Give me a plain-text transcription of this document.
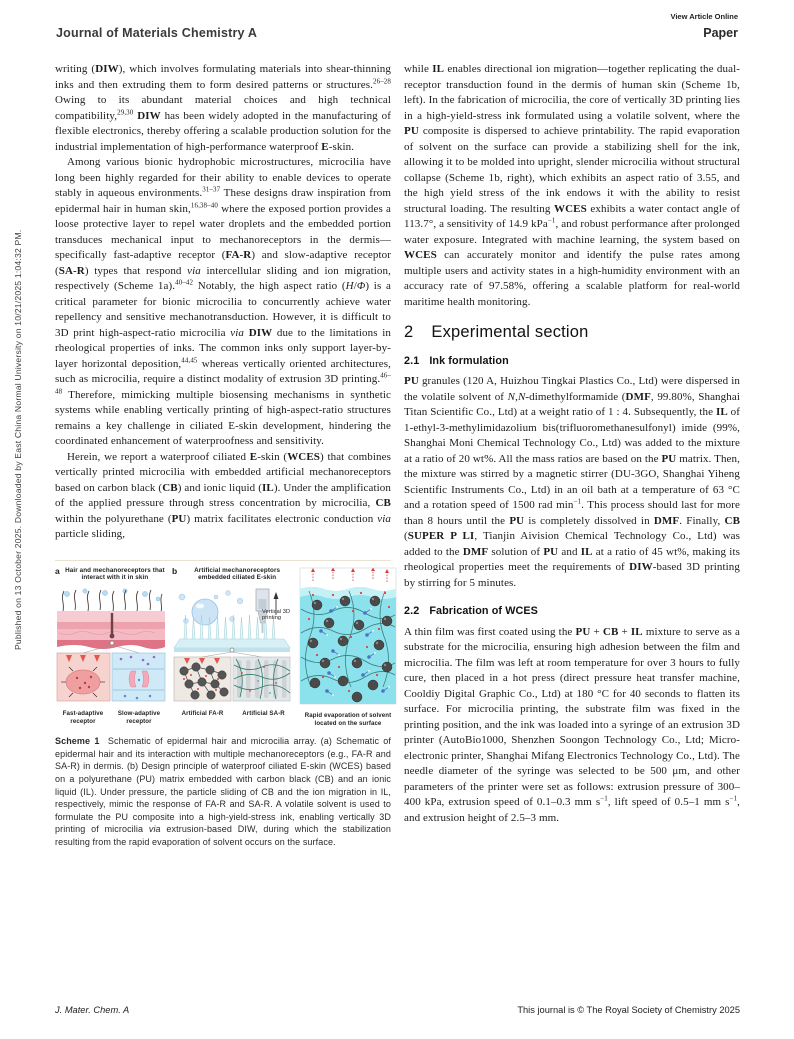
Published on 13 October 2025. Downloaded by East China Normal University on 10/21/2025 1:04:32 PM.
View Article Online
Journal of Materials Chemistry A	Paper

writing (DIW), which involves formulating materials into shear-thinning inks and then extruding them to form desired patterns or structures.$^{26-28}$ Owing to its abundant material choices and high technical compatibility,$^{29,30}$ DIW has been widely adopted in the manufacturing of flexible electronics, thereby offering a scalable production solution for the industrial implementation of high-performance waterproof E-skin.

Among various bionic hydrophobic microstructures, microcilia have long been highly regarded for their ability to enable devices to operate stably in aqueous environments.$^{31-37}$ These designs draw inspiration from epidermal hair in human skin,$^{16,38-40}$ where the exposed portion provides a loose protective layer to repel water droplets and the embedded portion transduces mechanical input to mechanoreceptors in the dermis—specifically fast-adaptive receptor (FA-R) and slow-adaptive receptor (SA-R) types that respond via intercellular sliding and ion migration, respectively (Scheme 1a).$^{40-42}$ Notably, the high aspect ratio (H/Φ) is a critical parameter for bionic microcilia to concurrently achieve water repellency and sensitive mechanotransduction. However, it is difficult to 3D print high-aspect-ratio microcilia via DIW due to the limitations in rheological properties of inks. The common inks only support layer-by-layer horizontal deposition,$^{44,45}$ whereas vertically oriented architectures, such as microcilia, require a distinct modality of extrusion 3D printing.$^{46-48}$ Therefore, mimicking multiple biosensing mechanisms in synthetic systems while enabling vertically printing of high-aspect-ratio structures remains a key challenge in ciliated E-skin development, hindering the coordinated enhancement of waterproofness and sensitivity.

Herein, we report a waterproof ciliated E-skin (WCES) that combines vertically printed microcilia with embedded artificial mechanoreceptors based on carbon black (CB) and ionic liquid (IL). Under the amplification of the applied pressure through stress concentration by microcilia, CB within the polyurethane (PU) matrix facilitates electronic conduction via particle sliding,

a Hair and mechanoreceptors that interact with it in skin
Fast-adaptive receptor
Slow-adaptive receptor
b	Artificial mechanoreceptors embedded ciliated E-skin
Vertical 3D printing
Artificial FA-R	Artificial SA-R	Rapid evaporation of solvent located on the surface
Scheme 1  Schematic of epidermal hair and microcilia array. (a) Schematic of epidermal hair and its interaction with multiple mechanoreceptors (e.g., FA-R and SA-R) in dermis. (b) Design principle of waterproof ciliated E-skin (WCES) based on a polyurethane (PU) matrix embedded with carbon black (CB) and an ionic liquid (IL). Under pressure, the particle sliding of CB and the ion migration in IL, respectively, mimic the response of FA-R and SA-R. A volatile solvent is used to formulate the PU composite into a high-yield-stress ink, enabling vertically 3D printing of microcilia via extrusion-based DIW, during which the stabilization resulting from the rapid evaporation of solvent occurs on the surface.

while IL enables directional ion migration—together replicating the dual-receptor transduction found in the dermis of human skin (Scheme 1b, left). In the fabrication of microcilia, the core of vertically 3D printing lies in a high-yield-stress ink formulated using a volatile solvent, where the PU composite is dispersed to achieve printability. The rapid evaporation of solvent on the surface can provide a stabilizing shell for the ink, allowing it to be molded into upright, slender microcilia without structural collapse (Scheme 1b, right), which exhibits an aspect ratio of 3.55, and the high yield stress of the ink endows it with the ability to resist structural loading. The resulting WCES exhibits a water contact angle of 113.7°, a sensitivity of 14.9 kPa$^{-1}$, and robust performance after prolonged water exposure. Integrated with machine learning, the system based on WCES can accurately monitor and identify the pulse rates among multiple users and activity states in a high-humidity environment with an accuracy rate of 97.58%, offering a scalable platform for real-world maritime health monitoring.

2 Experimental section
2.1 Ink formulation

PU granules (120 A, Huizhou Tingkai Plastics Co., Ltd) were dispersed in the volatile solvent of N,N-dimethylformamide (DMF, 99.80%, Shanghai Titan Scientific Co., Ltd) at a weight ratio of 1 : 4. Subsequently, the IL of 1-ethyl-3-methylimidazolium bis(trifluoromethanesulfonyl) imide (99%, Shanghai Moni Chemical Technology Co., Ltd) was added to the mixture at a ratio of 20 wt%. All the mass ratios are based on the PU matrix. Then, the mixture was stirred by a magnetic stirrer (DU-3GO, Shanghai Yiheng Scientific Instruments Co., Ltd) in an oil bath at a temperature of 63 °C and a rotation speed of 1500 rad $\min^{-1}$. This process should last for more than 8 hours until the PU is completely dissolved in DMF. Finally, CB (SUPER P LI, Tianjin Aivision Chemical Technology Co., Ltd) was added to the DMF solution of PU and IL at a ratio of 45 wt%, making its rheological properties meet the requirements of DIW-based 3D printing by stirring for 5 minutes.

2.2 Fabrication of WCES

A thin film was first coated using the PU + CB + IL mixture to serve as a substrate for the microcilia, ensuring high adhesion between the film and microcilia. The film was left at room temperature for over 3 hours to fully cure, then placed in a hot press (direct pressure heat transfer machine, Cooldiy Digital Graphic Co., Ltd) at 180 °C for 40 seconds to flatten its surface. For microcilia printing, the substrate film was fixed in the printing position, and the ink was loaded into a syringe of an extrusion 3D printer (AutoBio1000, Shenzhen Soongon Technology Co., Ltd; Micro-electronic printer, Shanghai Mifang Electronics Technology Co., Ltd). The needle diameter of the syringe was selected to be 500 μm, and other parameters of the printer were set as follows: extrusion pressure of 300–400 kPa, extrusion speed of 0.1–0.3 mm $s^{-1}$, lift speed of 0.5–1 mm $s^{-1}$, and extrusion height of 2.5–3 mm.

J. Mater. Chem. A	This journal is © The Royal Society of Chemistry 2025
